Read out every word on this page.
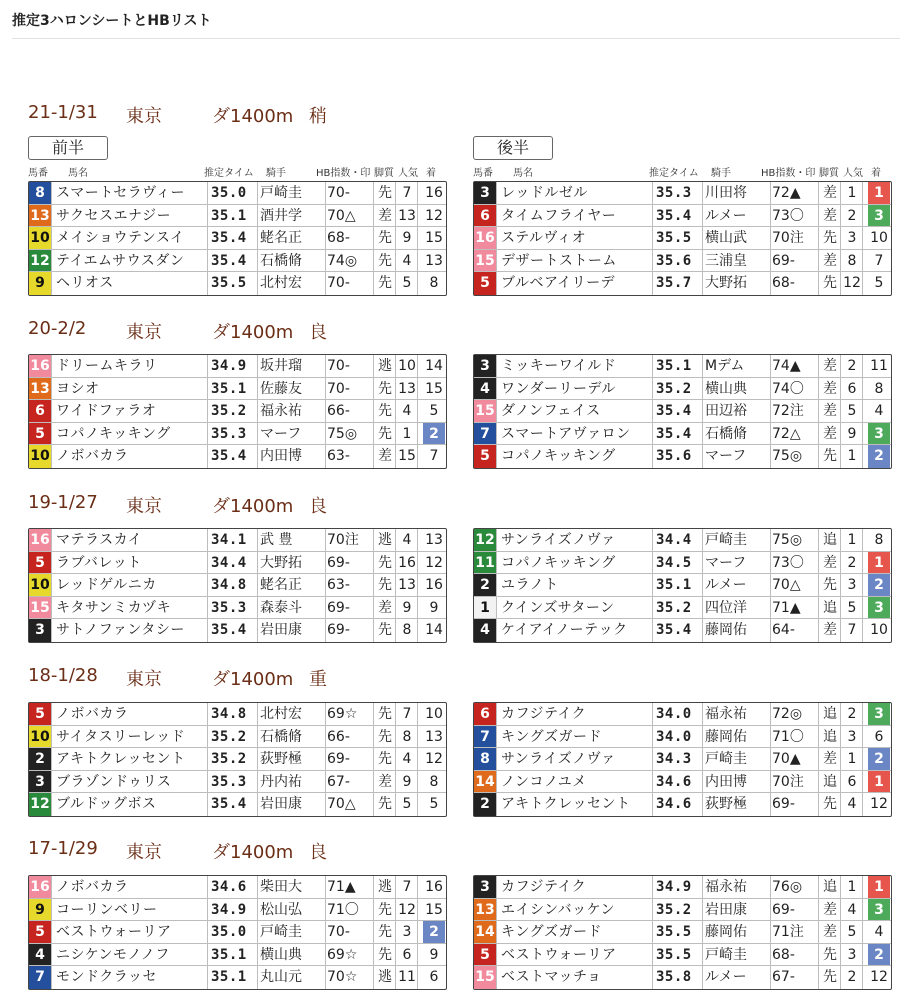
推定3ハロンシートとHBリスト
前半	後半
馬番 馬名	推定タイム 騎手	HB指数・印 脚質 人気 着	馬番 馬名	推定タイム 騎手	HB指数・印 脚質 人気 着
21-1/31 東京	ダ1400m 稍
8 スマートセラヴィー 35.0 戸崎圭	70-	先 7 16
13 サクセスエナジー	35.1 酒井学	70△	差 13 12
10 メイショウテンスイ 35.4 蛯名正	68-	先 9 15
12 テイエムサウスダン 35.4 石橋脩	74◎	先 4 13
9 ヘリオス	35.5 北村宏	70-	先 5	8
3 レッドルゼル	35.3 川田将	72▲	差 1	1
6 タイムフライヤー	35.4 ルメー	73〇	差 2	3
16 ステルヴィオ	35.5 横山武	70注	先 3 10
15 デザートストーム	35.6 三浦皇	69-	差 8	7
5 ブルベアイリーデ	35.7 大野拓	68-	先 12 5
20-2/2 東京	ダ1400m 良
16 ドリームキラリ	34.9 坂井瑠	70-	逃 10 14
13 ヨシオ	35.1 佐藤友	70-	先 13 15
6 ワイドファラオ	35.2 福永祐	66-	先 4	5
5 コパノキッキング	35.3 マーフ	75◎	先 1	2
10 ノボバカラ	35.4 内田博	63-	差 15 7
3 ミッキーワイルド	35.1 Mデム	74▲	差 2 11
4 ワンダーリーデル	35.2 横山典	74〇	差 6	8
15 ダノンフェイス	35.4 田辺裕	72注	差 5	4
7 スマートアヴァロン 35.4 石橋脩	72△	差 9	3
5 コパノキッキング	35.6 マーフ	75◎	先 1	2
19-1/27 東京	ダ1400m 良
16 マテラスカイ	34.1 武 豊	70注	逃 4 13
5 ラブバレット	34.4 大野拓	69-	先 16 12
10 レッドゲルニカ	34.8 蛯名正	63-	先 13 16
15 キタサンミカヅキ	35.3 森泰斗	69-	差 9	9
3 サトノファンタシー 35.4 岩田康	69-	先 8 14
12 サンライズノヴァ	34.4 戸崎圭	75◎	追 1	8
11 コパノキッキング	34.5 マーフ	73〇	差 2	1
2 ユラノト	35.1 ルメー	70△	先 3	2
1 クインズサターン	35.2 四位洋	71▲	追 5	3
4 ケイアイノーテック 35.4 藤岡佑	64-	差 7 10
18-1/28 東京	ダ1400m 重
5 ノボバカラ	34.8 北村宏	69☆	先 7 10
10 サイタスリーレッド 35.2 石橋脩	66-	先 8 13
2 アキトクレッセント 35.2 荻野極	69-	先 4 12
3 ブラゾンドゥリス	35.3 丹内祐	67-	差 9	8
12 ブルドッグボス	35.4 岩田康	70△	先 5	5
6 カフジテイク	34.0 福永祐	72◎	追 2	3
7 キングズガード	34.0 藤岡佑	71〇	追 3	6
8 サンライズノヴァ	34.3 戸崎圭	70▲	差 1	2
14 ノンコノユメ	34.6 内田博	70注	追 6	1
2 アキトクレッセント 34.6 荻野極	69-	先 4 12
17-1/29 東京	ダ1400m 良
16 ノボバカラ	34.6 柴田大	71▲	逃 7 16
9 コーリンベリー	34.9 松山弘	71〇	先 12 15
5 ベストウォーリア	35.0 戸崎圭	70-	先 3	2
4 ニシケンモノノフ	35.1 横山典	69☆	先 6	9
7 モンドクラッセ	35.1 丸山元	70☆	逃 11 6
3 カフジテイク	34.9 福永祐	76◎	追 1	1
13 エイシンバッケン	35.2 岩田康	69-	差 4	3
14 キングズガード	35.5 藤岡佑	71注	差 5	4
5 ベストウォーリア	35.5 戸崎圭	68-	先 3	2
15 ベストマッチョ	35.8 ルメー	67-	先 2 12
